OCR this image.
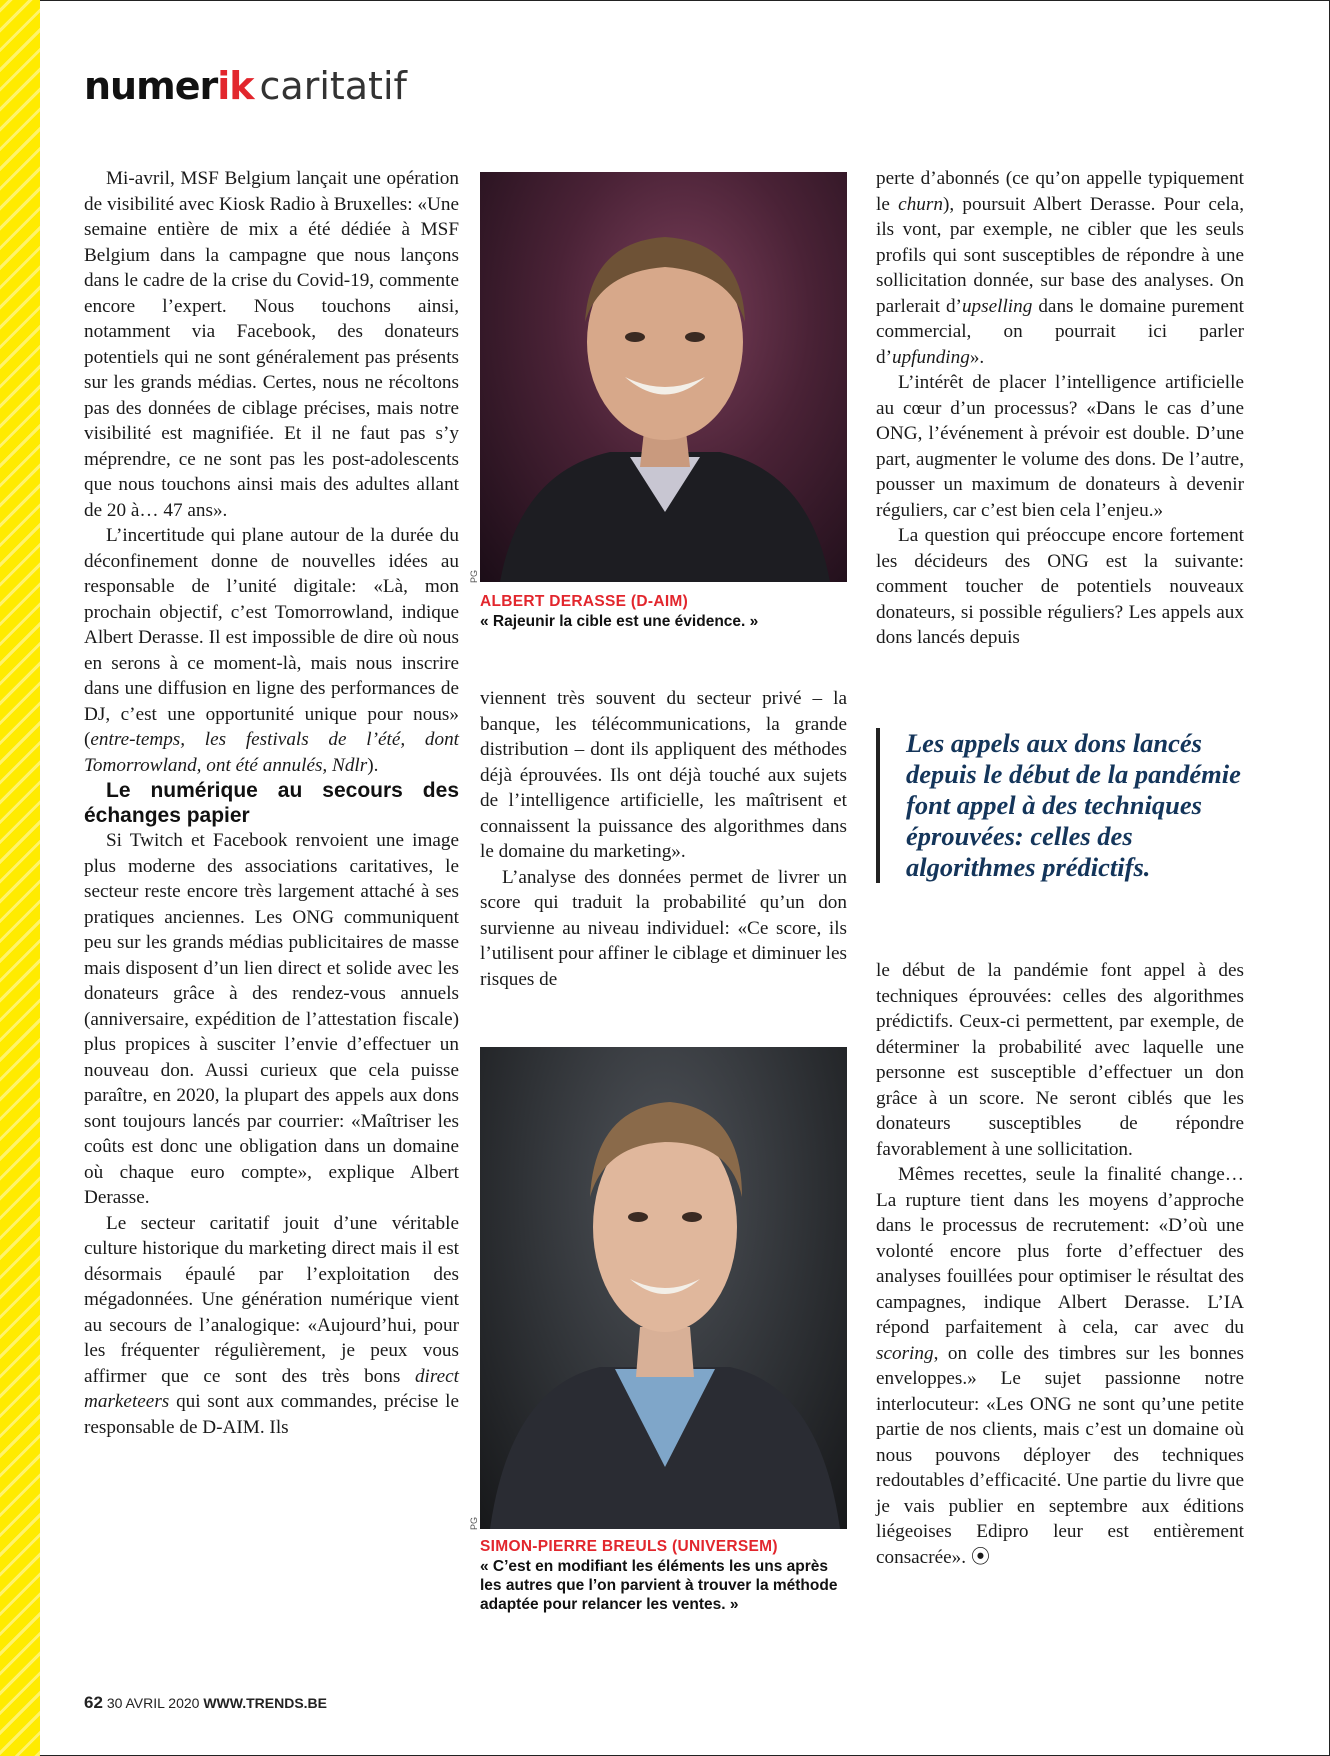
numerik caritatif

Mi-avril, MSF Belgium lançait une opération de visibilité avec Kiosk Radio à Bruxelles: «Une semaine entière de mix a été dédiée à MSF Belgium dans la campagne que nous lançons dans le cadre de la crise du Covid-19, commente encore l’expert. Nous touchons ainsi, notamment via Facebook, des donateurs potentiels qui ne sont généralement pas présents sur les grands médias. Certes, nous ne récoltons pas des données de ciblage précises, mais notre visibilité est magnifiée. Et il ne faut pas s’y méprendre, ce ne sont pas les post-adolescents que nous touchons ainsi mais des adultes allant de 20 à… 47 ans».

L’incertitude qui plane autour de la durée du déconfinement donne de nouvelles idées au responsable de l’unité digitale: «Là, mon prochain objectif, c’est Tomorrowland, indique Albert Derasse. Il est impossible de dire où nous en serons à ce moment-là, mais nous inscrire dans une diffusion en ligne des performances de DJ, c’est une opportunité unique pour nous» (entre-temps, les festivals de l’été, dont Tomorrowland, ont été annulés, Ndlr).

Le numérique au secours des échanges papier

Si Twitch et Facebook renvoient une image plus moderne des associations caritatives, le secteur reste encore très largement attaché à ses pratiques anciennes. Les ONG communiquent peu sur les grands médias publicitaires de masse mais disposent d’un lien direct et solide avec les donateurs grâce à des rendez-vous annuels (anniversaire, expédition de l’attestation fiscale) plus propices à susciter l’envie d’effectuer un nouveau don. Aussi curieux que cela puisse paraître, en 2020, la plupart des appels aux dons sont toujours lancés par courrier: «Maîtriser les coûts est donc une obligation dans un domaine où chaque euro compte», explique Albert Derasse.

Le secteur caritatif jouit d’une véritable culture historique du marketing direct mais il est désormais épaulé par l’exploitation des mégadonnées. Une génération numérique vient au secours de l’analogique: «Aujourd’hui, pour les fréquenter régulièrement, je peux vous affirmer que ce sont des très bons direct marketeers qui sont aux commandes, précise le responsable de D-AIM. Ils

PG
ALBERT DERASSE (D-AIM)
« Rajeunir la cible est une évidence. »

viennent très souvent du secteur privé – la banque, les télécommunications, la grande distribution – dont ils appliquent des méthodes déjà éprouvées. Ils ont déjà touché aux sujets de l’intelligence artificielle, les maîtrisent et connaissent la puissance des algorithmes dans le domaine du marketing».

L’analyse des données permet de livrer un score qui traduit la probabilité qu’un don survienne au niveau individuel: «Ce score, ils l’utilisent pour affiner le ciblage et diminuer les risques de

PG
SIMON-PIERRE BREULS (UNIVERSEM)
« C’est en modifiant les éléments les uns après les autres que l’on parvient à trouver la méthode adaptée pour relancer les ventes. »

perte d’abonnés (ce qu’on appelle typiquement le churn), poursuit Albert Derasse. Pour cela, ils vont, par exemple, ne cibler que les seuls profils qui sont susceptibles de répondre à une sollicitation donnée, sur base des analyses. On parlerait d’upselling dans le domaine purement commercial, on pourrait ici parler d’upfunding».

L’intérêt de placer l’intelligence artificielle au cœur d’un processus? «Dans le cas d’une ONG, l’événement à prévoir est double. D’une part, augmenter le volume des dons. De l’autre, pousser un maximum de donateurs à devenir réguliers, car c’est bien cela l’enjeu.»

La question qui préoccupe encore fortement les décideurs des ONG est la suivante: comment toucher de potentiels nouveaux donateurs, si possible réguliers? Les appels aux dons lancés depuis

Les appels aux dons lancés depuis le début de la pandémie font appel à des techniques éprouvées: celles des algorithmes prédictifs.

le début de la pandémie font appel à des techniques éprouvées: celles des algorithmes prédictifs. Ceux-ci permettent, par exemple, de déterminer la probabilité avec laquelle une personne est susceptible d’effectuer un don grâce à un score. Ne seront ciblés que les donateurs susceptibles de répondre favorablement à une sollicitation.

Mêmes recettes, seule la finalité change… La rupture tient dans les moyens d’approche dans le processus de recrutement: «D’où une volonté encore plus forte d’effectuer des analyses fouillées pour optimiser le résultat des campagnes, indique Albert Derasse. L’IA répond parfaitement à cela, car avec du scoring, on colle des timbres sur les bonnes enveloppes.» Le sujet passionne notre interlocuteur: «Les ONG ne sont qu’une petite partie de nos clients, mais c’est un domaine où nous pouvons déployer des techniques redoutables d’efficacité. Une partie du livre que je vais publier en septembre aux éditions liégeoises Edipro leur est entièrement consacrée». ⦿

62 30 AVRIL 2020 WWW.TRENDS.BE
